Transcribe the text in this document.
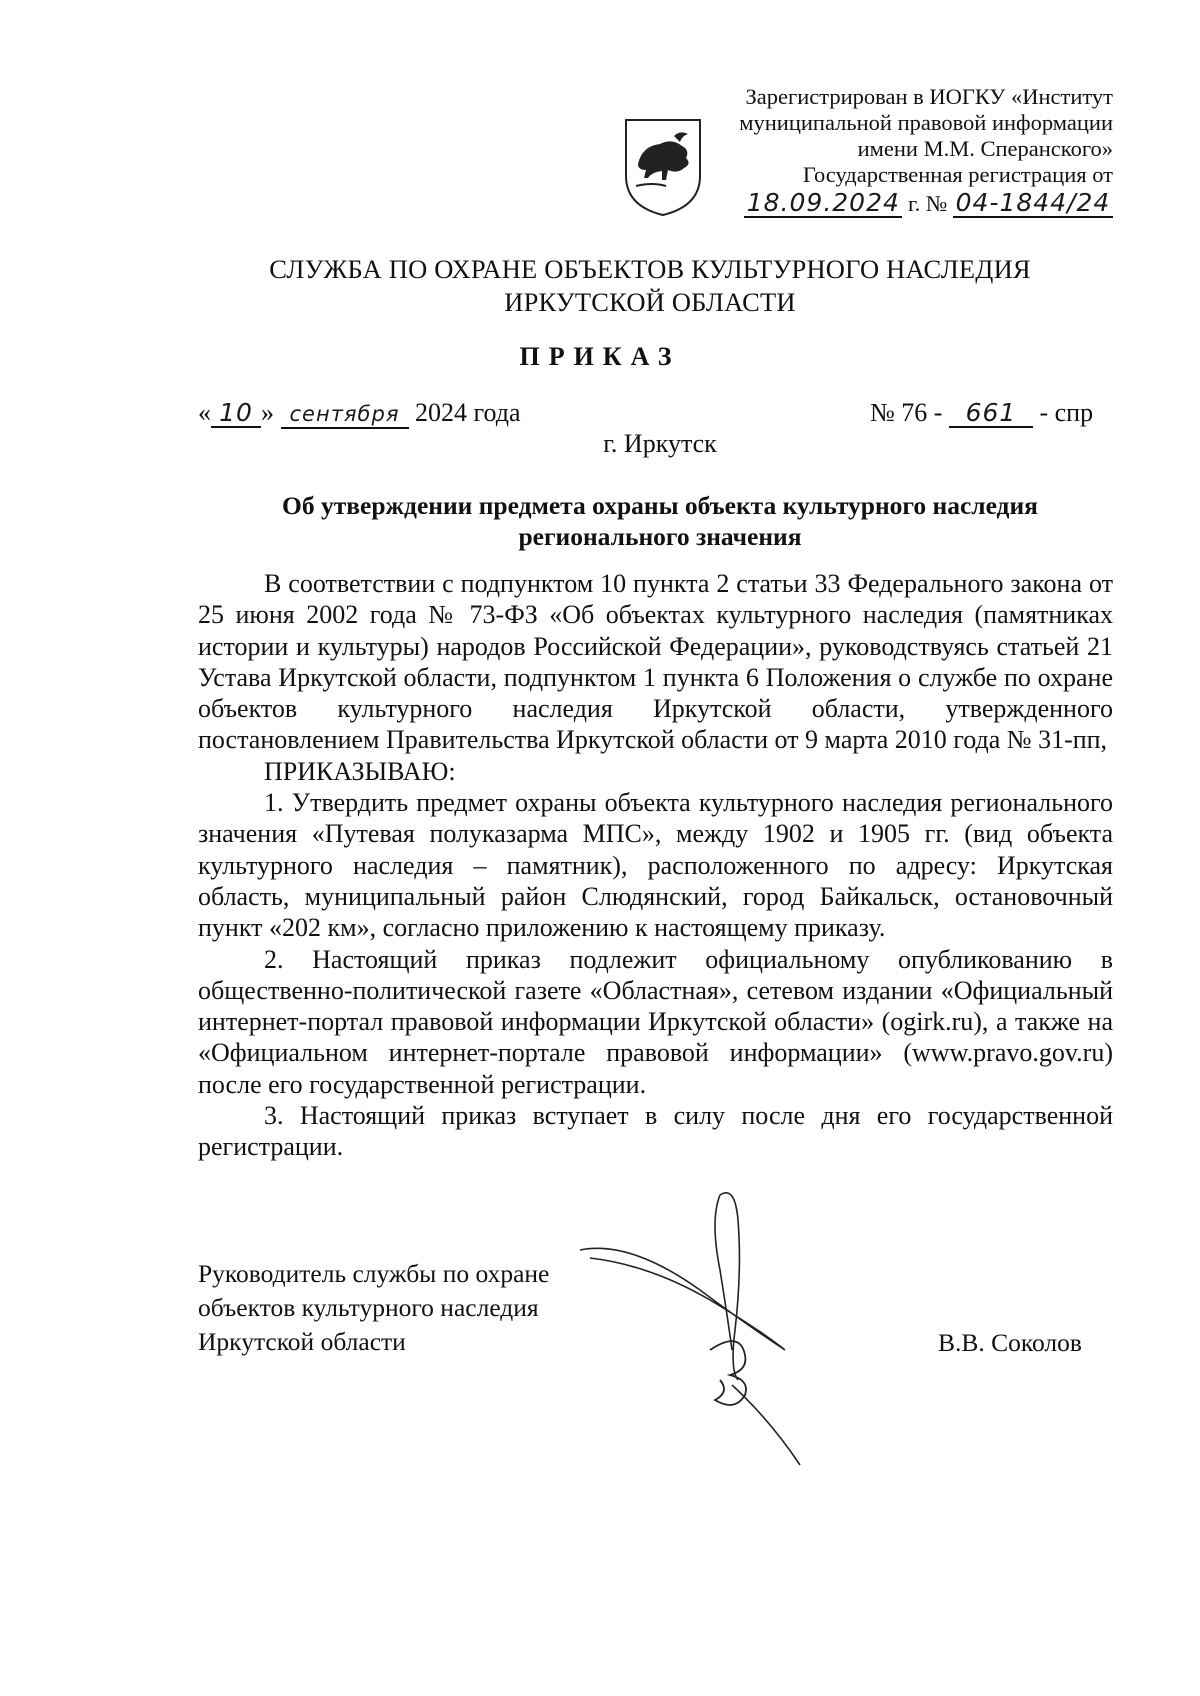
Зарегистрирован в ИОГКУ «Институт
муниципальной правовой информации
имени М.М. Сперанского»
Государственная регистрация от
18.09.2024 г. № 04-1844/24
СЛУЖБА ПО ОХРАНЕ ОБЪЕКТОВ КУЛЬТУРНОГО НАСЛЕДИЯ
ИРКУТСКОЙ ОБЛАСТИ
ПРИКАЗ
« 10 » сентября 2024 года	№ 76 - 661 - спр
г. Иркутск
Об утверждении предмета охраны объекта культурного наследия регионального значения

В соответствии с подпунктом 10 пункта 2 статьи 33 Федерального закона от 25 июня 2002 года № 73-ФЗ «Об объектах культурного наследия (памятниках истории и культуры) народов Российской Федерации», руководствуясь статьей 21 Устава Иркутской области, подпунктом 1 пункта 6 Положения о службе по охране объектов культурного наследия Иркутской области, утвержденного постановлением Правительства Иркутской области от 9 марта 2010 года № 31-пп,

ПРИКАЗЫВАЮ:

1. Утвердить предмет охраны объекта культурного наследия регионального значения «Путевая полуказарма МПС», между 1902 и 1905 гг. (вид объекта культурного наследия – памятник), расположенного по адресу: Иркутская область, муниципальный район Слюдянский, город Байкальск, остановочный пункт «202 км», согласно приложению к настоящему приказу.

2. Настоящий приказ подлежит официальному опубликованию в общественно-политической газете «Областная», сетевом издании «Официальный интернет-портал правовой информации Иркутской области» (ogirk.ru), а также на «Официальном интернет-портале правовой информации» (www.pravo.gov.ru) после его государственной регистрации.

3. Настоящий приказ вступает в силу после дня его государственной регистрации.

Руководитель службы по охране
объектов культурного наследия
Иркутской области	В.В. Соколов
